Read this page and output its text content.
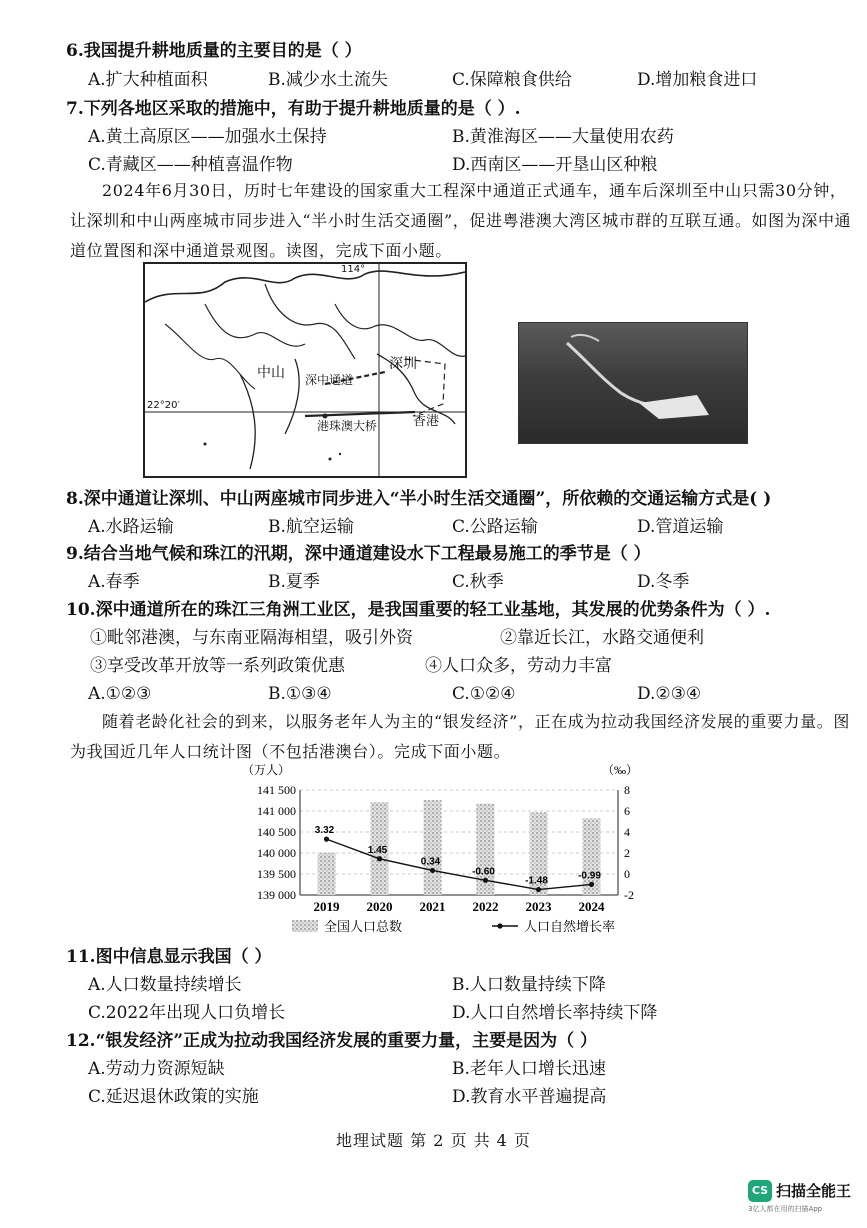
6.我国提升耕地质量的主要目的是（ ）
A.扩大种植面积	B.减少水土流失	C.保障粮食供给	D.增加粮食进口
7.下列各地区采取的措施中，有助于提升耕地质量的是（ ）.
A.黄土高原区——加强水土保持	B.黄淮海区——大量使用农药
C.青藏区——种植喜温作物	D.西南区——开垦山区种粮
2024年6月30日，历时七年建设的国家重大工程深中通道正式通车，通车后深圳至中山只需30分钟，让深圳和中山两座城市同步进入“半小时生活交通圈”，促进粤港澳大湾区城市群的互联互通。如图为深中通道位置图和深中通道景观图。读图，完成下面小题。
114°
22°20′
中山 深中通道
深圳
港珠澳大桥	香港
8.深中通道让深圳、中山两座城市同步进入“半小时生活交通圈”，所依赖的交通运输方式是( )
A.水路运输	B.航空运输	C.公路运输	D.管道运输
9.结合当地气候和珠江的汛期，深中通道建设水下工程最易施工的季节是（ ）
A.春季	B.夏季	C.秋季	D.冬季
10.深中通道所在的珠江三角洲工业区，是我国重要的轻工业基地，其发展的优势条件为（ ）.
①毗邻港澳，与东南亚隔海相望，吸引外资	②靠近长江，水路交通便利
③享受改革开放等一系列政策优惠	④人口众多，劳动力丰富
A.①②③	B.①③④	C.①②④	D.②③④
随着老龄化社会的到来，以服务老年人为主的“银发经济”，正在成为拉动我国经济发展的重要力量。图为我国近几年人口统计图（不包括港澳台）。完成下面小题。
141 500
141 000
140 500
140 000
139 500
139 000
8
6
4
2
0
-2
（万人）	（‰）
2019 2020 2021 2022 2023 2024
3.32
1.45
0.34
-0.60
-1.48	-0.99
全国人口总数	人口自然增长率
11.图中信息显示我国（ ）
A.人口数量持续增长	B.人口数量持续下降
C.2022年出现人口负增长	D.人口自然增长率持续下降
12.“银发经济”正成为拉动我国经济发展的重要力量，主要是因为（ ）
A.劳动力资源短缺	B.老年人口增长迅速
C.延迟退休政策的实施	D.教育水平普遍提高
地理试题 第 2 页 共 4 页
CS 扫描全能王
3亿人都在用的扫描App
